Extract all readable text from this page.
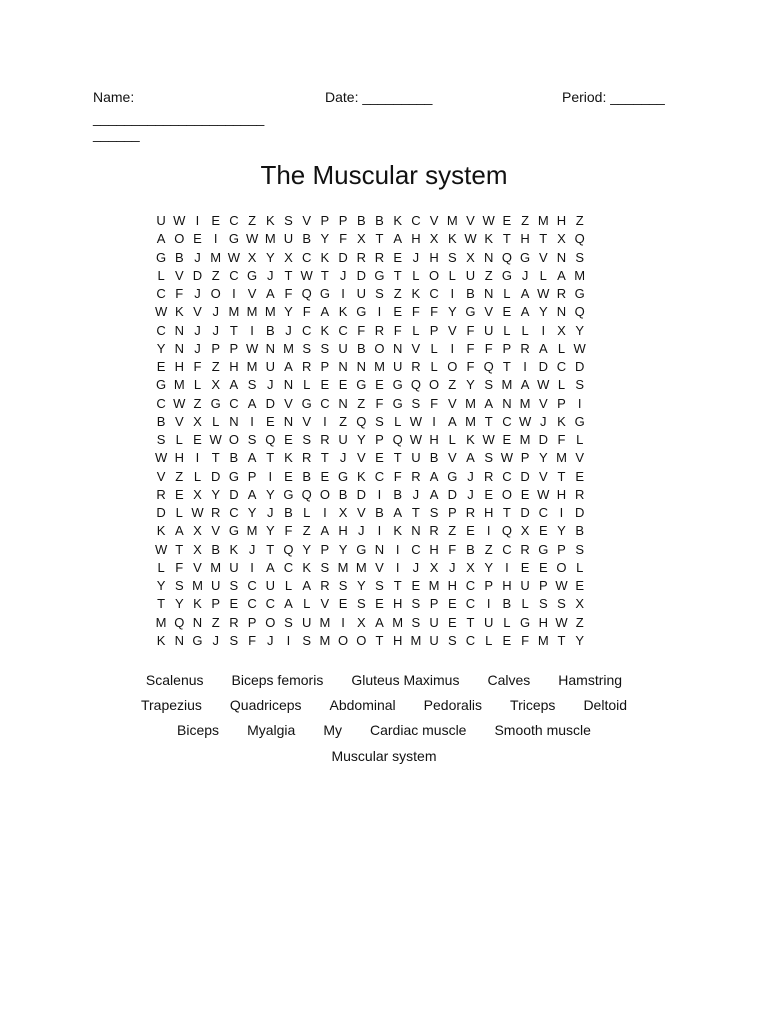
Name:	Date: _________	Period: _______
______________________
______
The Muscular system
U W I E C Z K S V P P B B K C V M V W E Z M H Z
A O E I G W M U B Y F X T A H X K W K T H T X Q
G B J M W X Y X C K D R R E J H S X N Q G V N S
L V D Z C G J T W T J D G T L O L U Z G J L A M
C F J O I V A F Q G I U S Z K C I B N L A W R G
W K V J M M M Y F A K G I E F F Y G V E A Y N Q
C N J J T I B J C K C F R F L P V F U L L I X Y
Y N J P P W N M S S U B O N V L I F F P R A L W
E H F Z H M U A R P N N M U R L O F Q T I D C D
G M L X A S J N L E E G E G Q O Z Y S M A W L S
C W Z G C A D V G C N Z F G S F V M A N M V P I
B V X L N I E N V I Z Q S L W I A M T C W J K G
S L E W O S Q E S R U Y P Q W H L K W E M D F L
W H I T B A T K R T J V E T U B V A S W P Y M V
V Z L D G P I E B E G K C F R A G J R C D V T E
R E X Y D A Y G Q O B D I B J A D J E O E W H R
D L W R C Y J B L I X V B A T S P R H T D C I D
K A X V G M Y F Z A H J	I K N R Z E I Q X E Y B
W T X B K J T Q Y P Y G N I C H F B Z C R G P S
L F V M U I A C K S M M V I	J X J X Y I E E O L
Y S M U S C U L A R S Y S T E M H C P H U P W E
T Y K P E C C A L V E S E H S P E C I B L S S X
M Q N Z R P O S U M I X A M S U E T U L G H W Z
K N G J S F J	I S M O O T H M U S C L E F M T Y
Scalenus Biceps femoris Gluteus Maximus Calves Hamstring
Trapezius Quadriceps Abdominal Pedoralis Triceps Deltoid
Biceps Myalgia My Cardiac muscle Smooth muscle
Muscular system
